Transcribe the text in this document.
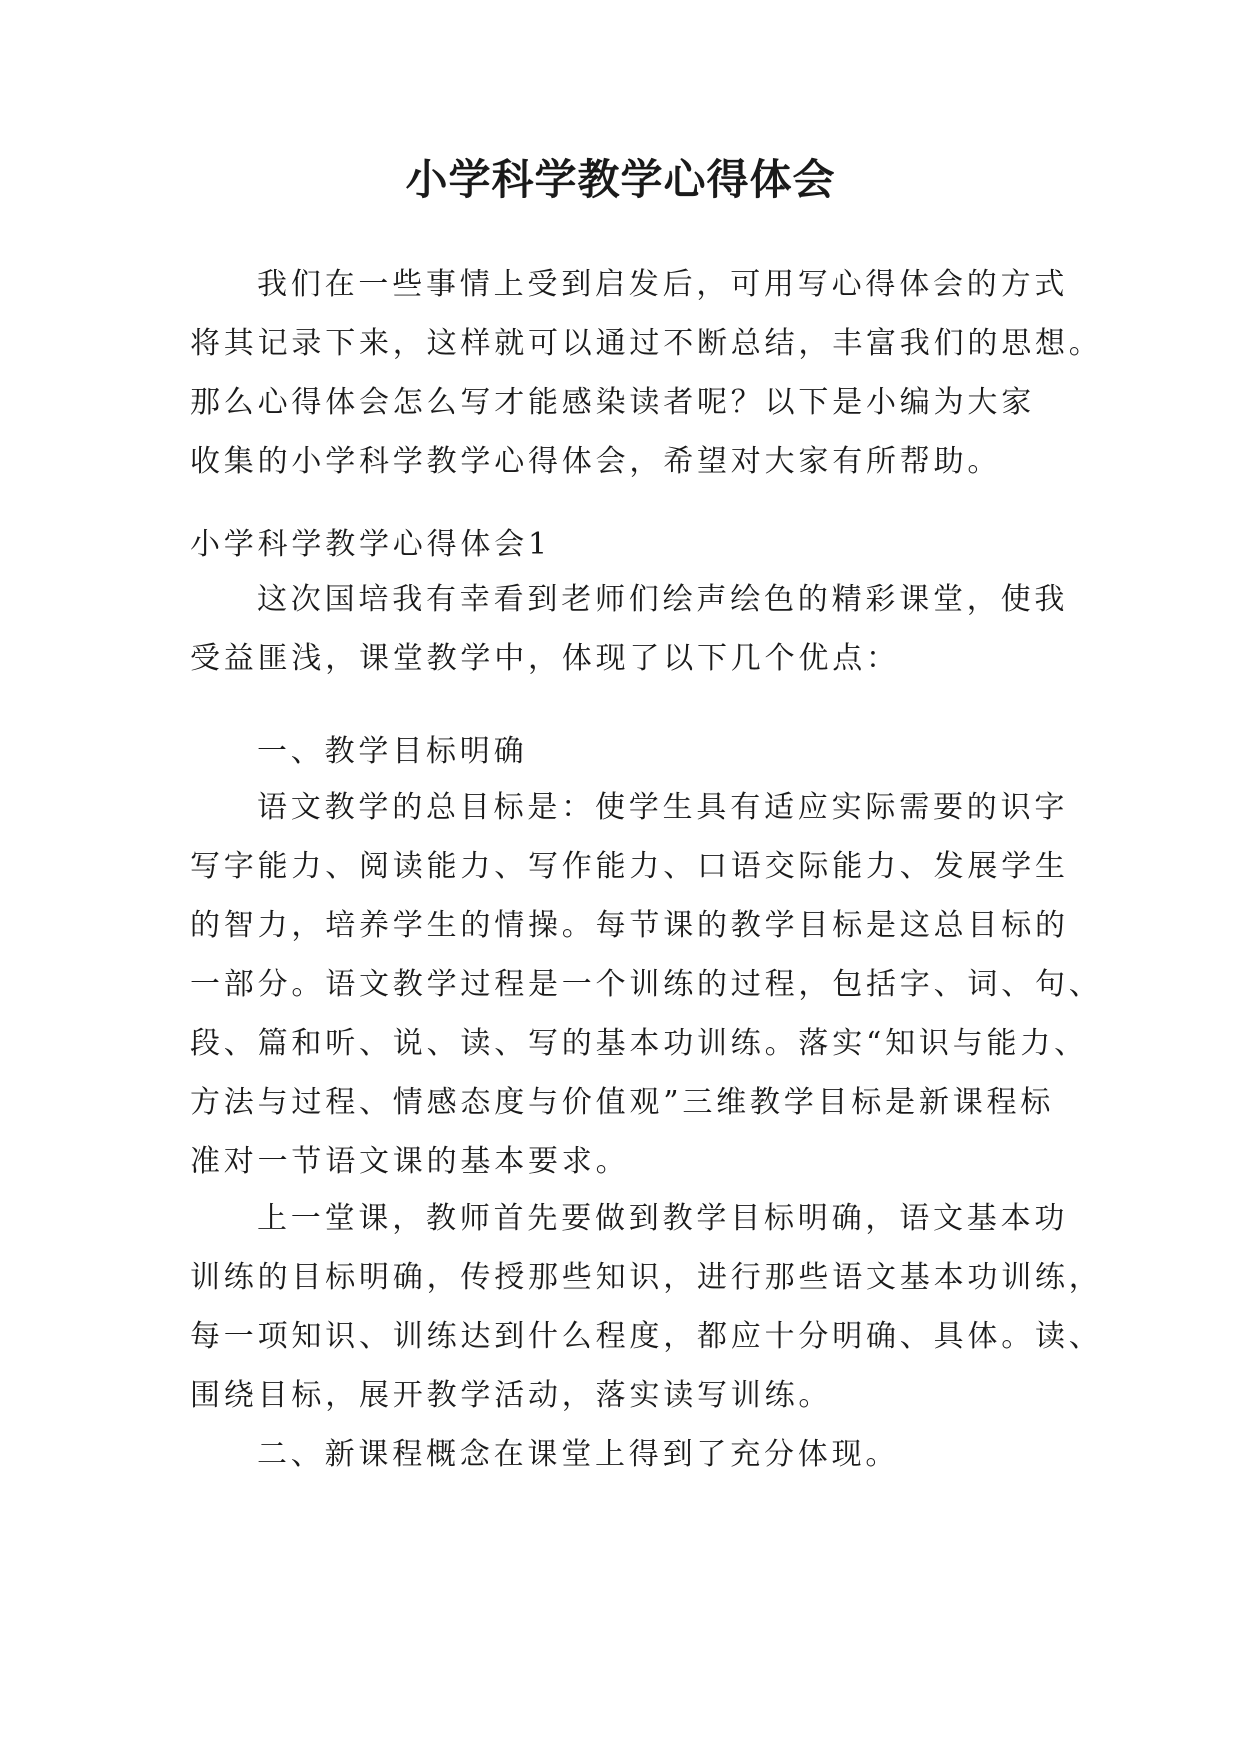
小学科学教学心得体会
我们在一些事情上受到启发后，可用写心得体会的方式
将其记录下来，这样就可以通过不断总结，丰富我们的思想。
那么心得体会怎么写才能感染读者呢？以下是小编为大家
收集的小学科学教学心得体会，希望对大家有所帮助。
小学科学教学心得体会1
这次国培我有幸看到老师们绘声绘色的精彩课堂，使我
受益匪浅，课堂教学中，体现了以下几个优点：
一、教学目标明确
语文教学的总目标是：使学生具有适应实际需要的识字
写字能力、阅读能力、写作能力、口语交际能力、发展学生
的智力，培养学生的情操。每节课的教学目标是这总目标的
一部分。语文教学过程是一个训练的过程，包括字、词、句、
段、篇和听、说、读、写的基本功训练。落实“知识与能力、
方法与过程、情感态度与价值观”三维教学目标是新课程标
准对一节语文课的基本要求。
上一堂课，教师首先要做到教学目标明确，语文基本功
训练的目标明确，传授那些知识，进行那些语文基本功训练，
每一项知识、训练达到什么程度，都应十分明确、具体。读、
围绕目标，展开教学活动，落实读写训练。
二、新课程概念在课堂上得到了充分体现。
